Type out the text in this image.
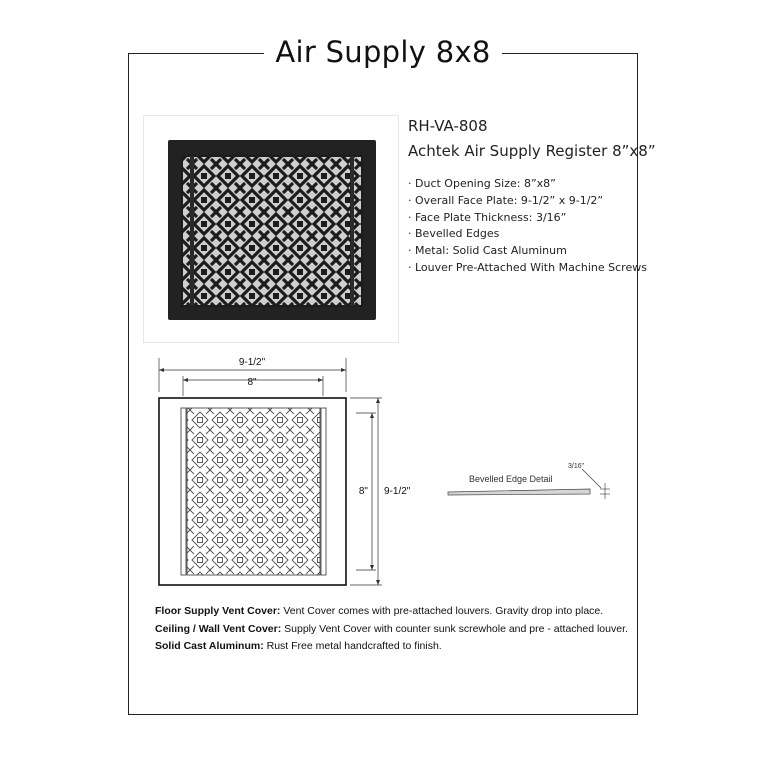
Air Supply 8x8
RH-VA-808
Achtek Air Supply Register 8”x8”
· Duct Opening Size: 8”x8”
· Overall Face Plate: 9-1/2” x 9-1/2”
· Face Plate Thickness: 3/16”
· Bevelled Edges
· Metal: Solid Cast Aluminum
· Louver Pre-Attached With Machine Screws
9-1/2"
8"
8" 9-1/2"
Bevelled Edge Detail
3/16"
Floor Supply Vent Cover: Vent Cover comes with pre-attached louvers. Gravity drop into place.
Ceiling / Wall Vent Cover: Supply Vent Cover with counter sunk screwhole and pre - attached louver.
Solid Cast Aluminum: Rust Free metal handcrafted to finish.
